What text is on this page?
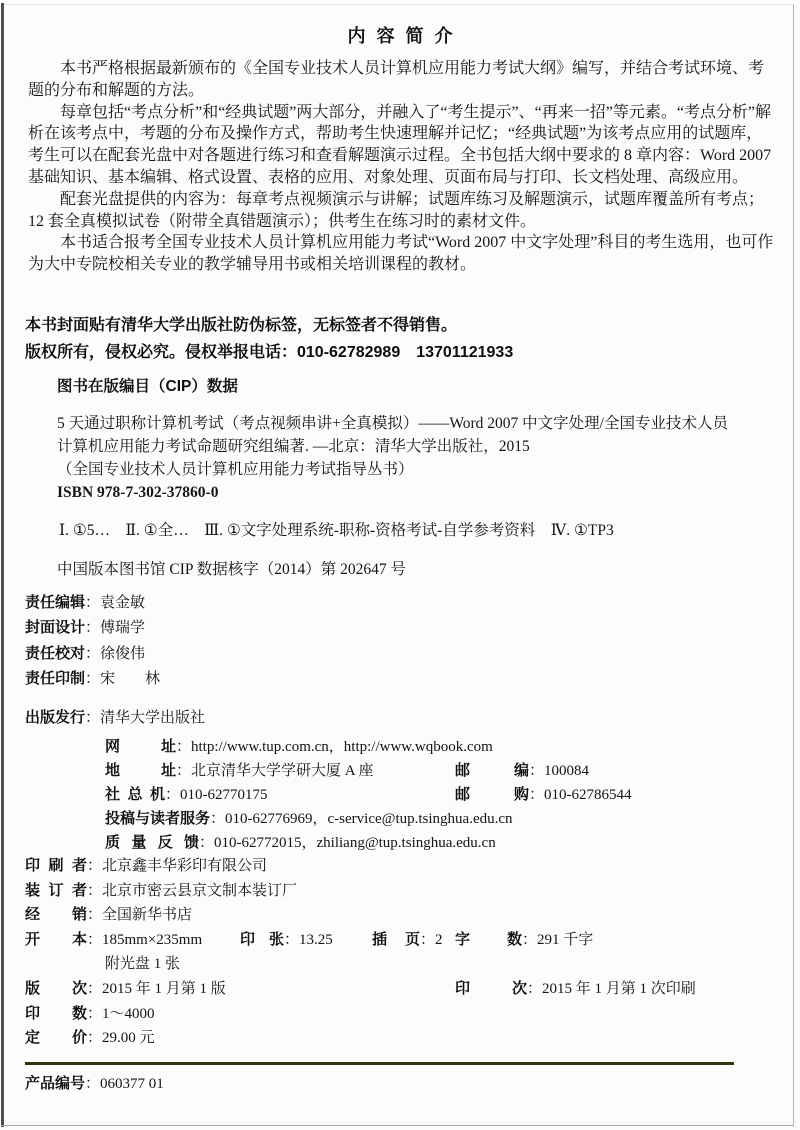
内容简介

本书严格根据最新颁布的《全国专业技术人员计算机应用能力考试大纲》编写，并结合考试环境、考题的分布和解题的方法。

每章包括“考点分析”和“经典试题”两大部分，并融入了“考生提示”、“再来一招”等元素。“考点分析”解析在该考点中，考题的分布及操作方式，帮助考生快速理解并记忆；“经典试题”为该考点应用的试题库，考生可以在配套光盘中对各题进行练习和查看解题演示过程。全书包括大纲中要求的 8 章内容：Word 2007 基础知识、基本编辑、格式设置、表格的应用、对象处理、页面布局与打印、长文档处理、高级应用。

配套光盘提供的内容为：每章考点视频演示与讲解；试题库练习及解题演示，试题库覆盖所有考点；12 套全真模拟试卷（附带全真错题演示）；供考生在练习时的素材文件。

本书适合报考全国专业技术人员计算机应用能力考试“Word 2007 中文字处理”科目的考生选用，也可作为大中专院校相关专业的教学辅导用书或相关培训课程的教材。

本书封面贴有清华大学出版社防伪标签，无标签者不得销售。

版权所有，侵权必究。侵权举报电话：010-62782989　13701121933

图书在版编目（CIP）数据

5 天通过职称计算机考试（考点视频串讲+全真模拟）——Word 2007 中文字处理/全国专业技术人员

计算机应用能力考试命题研究组编著. —北京：清华大学出版社，2015

（全国专业技术人员计算机应用能力考试指导丛书）

ISBN 978-7-302-37860-0

Ⅰ. ①5…　Ⅱ. ①全…　Ⅲ. ①文字处理系统-职称-资格考试-自学参考资料　Ⅳ. ①TP3

中国版本图书馆 CIP 数据核字（2014）第 202647 号

责任编辑 ： 袁金敏
封面设计 ： 傅瑞学
责任校对 ： 徐俊伟
责任印制 ： 宋　　林
出版发行 ： 清华大学出版社
网址 ： http://www.tup.com.cn，http://www.wqbook.com
地址 ： 北京清华大学学研大厦 A 座	邮编 ： 100084
社总机 ： 010-62770175	邮购 ： 010-62786544
投稿与读者服务 ： 010-62776969，c-service@tup.tsinghua.edu.cn
质量反馈 ： 010-62772015，zhiliang@tup.tsinghua.edu.cn
印刷者 ： 北京鑫丰华彩印有限公司
装订者 ： 北京市密云县京文制本装订厂
经销 ： 全国新华书店
开本 ： 185mm×235mm	印张 ： 13.25	插页 ： 2 字数 ： 291 千字
附光盘 1 张
版次 ： 2015 年 1 月第 1 版	印次 ： 2015 年 1 月第 1 次印刷
印数 ： 1～4000
定价 ： 29.00 元
产品编号 ： 060377 01
